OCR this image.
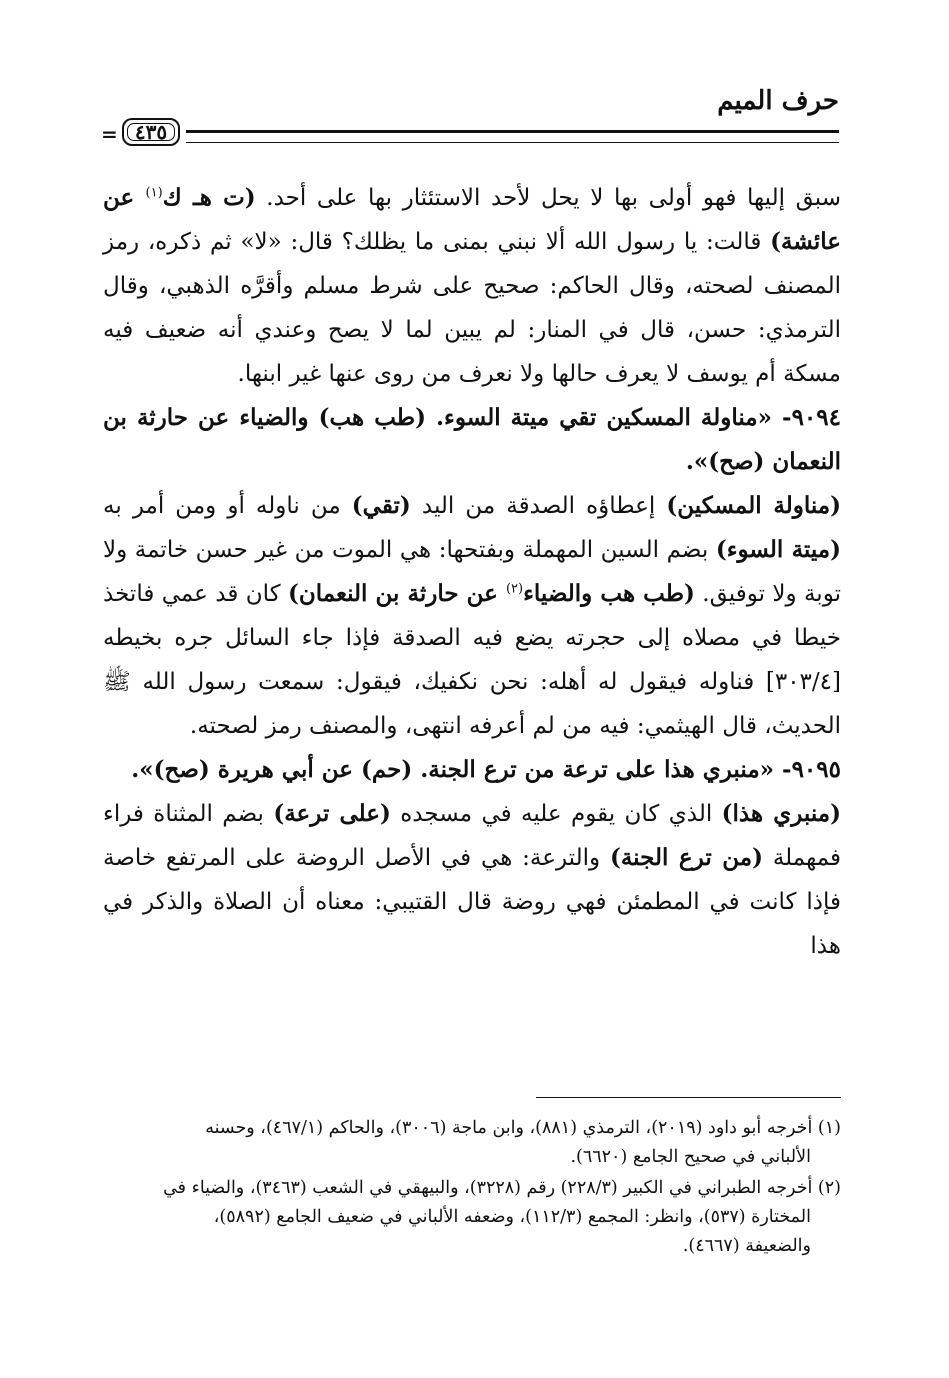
حرف الميم
٤٣٥
=

سبق إليها فهو أولى بها لا يحل لأحد الاستئثار بها على أحد. (ت هـ ك$^{(١)}$ عن عائشة) قالت: يا رسول الله ألا نبني بمنى ما يظلك؟ قال: «لا» ثم ذكره، رمز المصنف لصحته، وقال الحاكم: صحيح على شرط مسلم وأقرَّه الذهبي، وقال الترمذي: حسن، قال في المنار: لم يبين لما لا يصح وعندي أنه ضعيف فيه مسكة أم يوسف لا يعرف حالها ولا نعرف من روى عنها غير ابنها.

٩٠٩٤- «مناولة المسكين تقي ميتة السوء. (طب هب) والضياء عن حارثة بن النعمان (صح)».

(مناولة المسكين) إعطاؤه الصدقة من اليد (تقي) من ناوله أو ومن أمر به (ميتة السوء) بضم السين المهملة وبفتحها: هي الموت من غير حسن خاتمة ولا توبة ولا توفيق. (طب هب والضياء$^{(٢)}$ عن حارثة بن النعمان) كان قد عمي فاتخذ خيطا في مصلاه إلى حجرته يضع فيه الصدقة فإذا جاء السائل جره بخيطه [٣٠٣/٤] فناوله فيقول له أهله: نحن نكفيك، فيقول: سمعت رسول الله ﷺ الحديث، قال الهيثمي: فيه من لم أعرفه انتهى، والمصنف رمز لصحته.

٩٠٩٥- «منبري هذا على ترعة من ترع الجنة. (حم) عن أبي هريرة (صح)».

(منبري هذا) الذي كان يقوم عليه في مسجده (على ترعة) بضم المثناة فراء فمهملة (من ترع الجنة) والترعة: هي في الأصل الروضة على المرتفع خاصة فإذا كانت في المطمئن فهي روضة قال القتيبي: معناه أن الصلاة والذكر في هذا

(١) أخرجه أبو داود (٢٠١٩)، الترمذي (٨٨١)، وابن ماجة (٣٠٠٦)، والحاكم (٤٦٧/١)، وحسنه
الألباني في صحيح الجامع (٦٦٢٠).

(٢) أخرجه الطبراني في الكبير (٢٢٨/٣) رقم (٣٢٢٨)، والبيهقي في الشعب (٣٤٦٣)، والضياء في
المختارة (٥٣٧)، وانظر: المجمع (١١٢/٣)، وضعفه الألباني في ضعيف الجامع (٥٨٩٢)،
والضعيفة (٤٦٦٧).
